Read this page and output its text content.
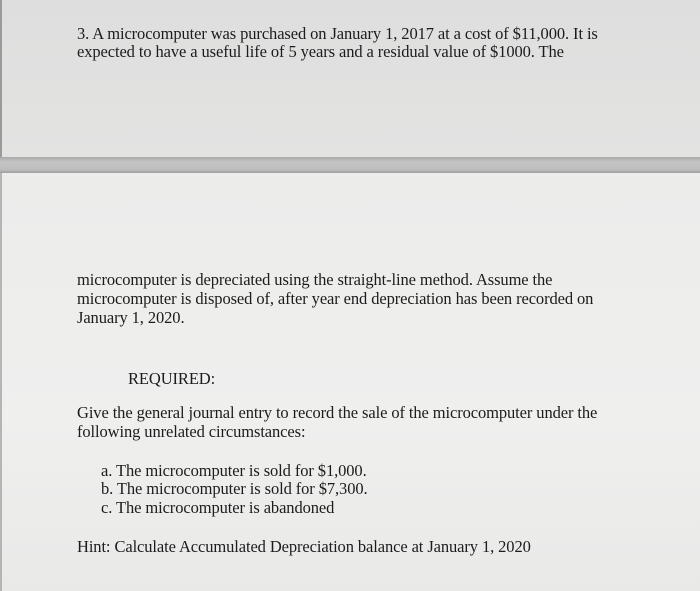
3. A microcomputer was purchased on January 1, 2017 at a cost of $11,000. It is
expected to have a useful life of 5 years and a residual value of $1000. The
microcomputer is depreciated using the straight-line method. Assume the
microcomputer is disposed of, after year end depreciation has been recorded on
January 1, 2020.
REQUIRED:
Give the general journal entry to record the sale of the microcomputer under the
following unrelated circumstances:
a. The microcomputer is sold for $1,000.
b. The microcomputer is sold for $7,300.
c. The microcomputer is abandoned
Hint: Calculate Accumulated Depreciation balance at January 1, 2020
